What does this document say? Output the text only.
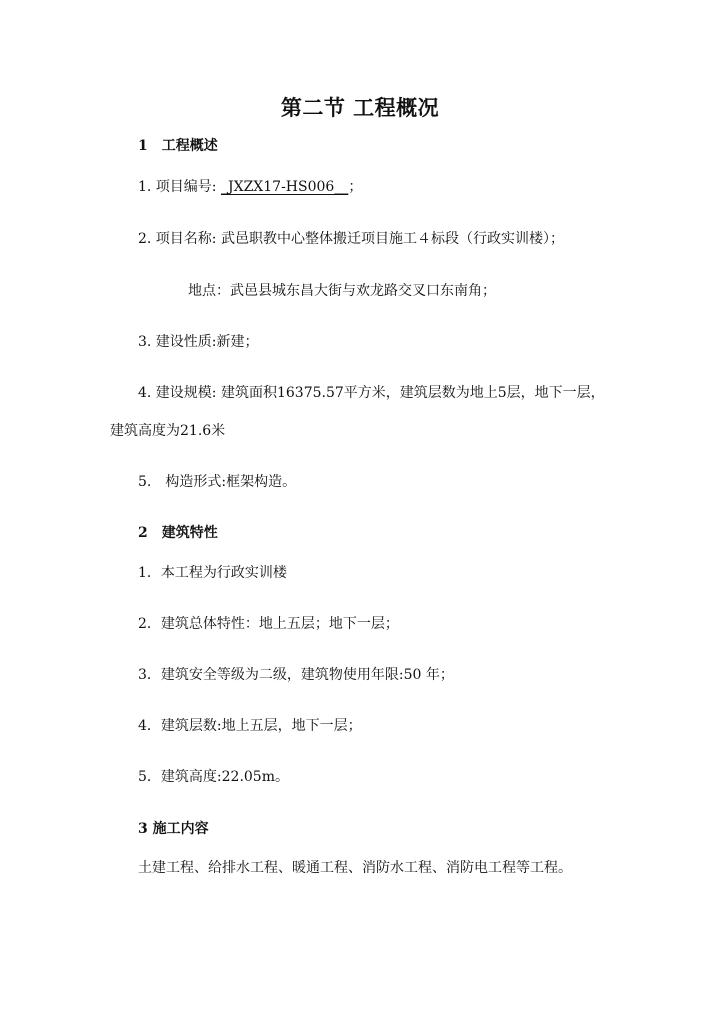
第二节 工程概况
1　工程概述
1. 项目编号: _JXZX17-HS006__；
2. 项目名称: 武邑职教中心整体搬迁项目施工４标段（行政实训楼）；
地点：武邑县城东昌大街与欢龙路交叉口东南角；
3. 建设性质:新建；
4. 建设规模: 建筑面积16375.57平方米，建筑层数为地上5层，地下一层，
建筑高度为21.6米
5.　构造形式:框架构造。
2　建筑特性
1．本工程为行政实训楼
2．建筑总体特性：地上五层；地下一层；
3．建筑安全等级为二级，建筑物使用年限:50 年；
4．建筑层数:地上五层，地下一层；
5．建筑高度:22.05m。
3 施工内容
土建工程、给排水工程、暖通工程、消防水工程、消防电工程等工程。
